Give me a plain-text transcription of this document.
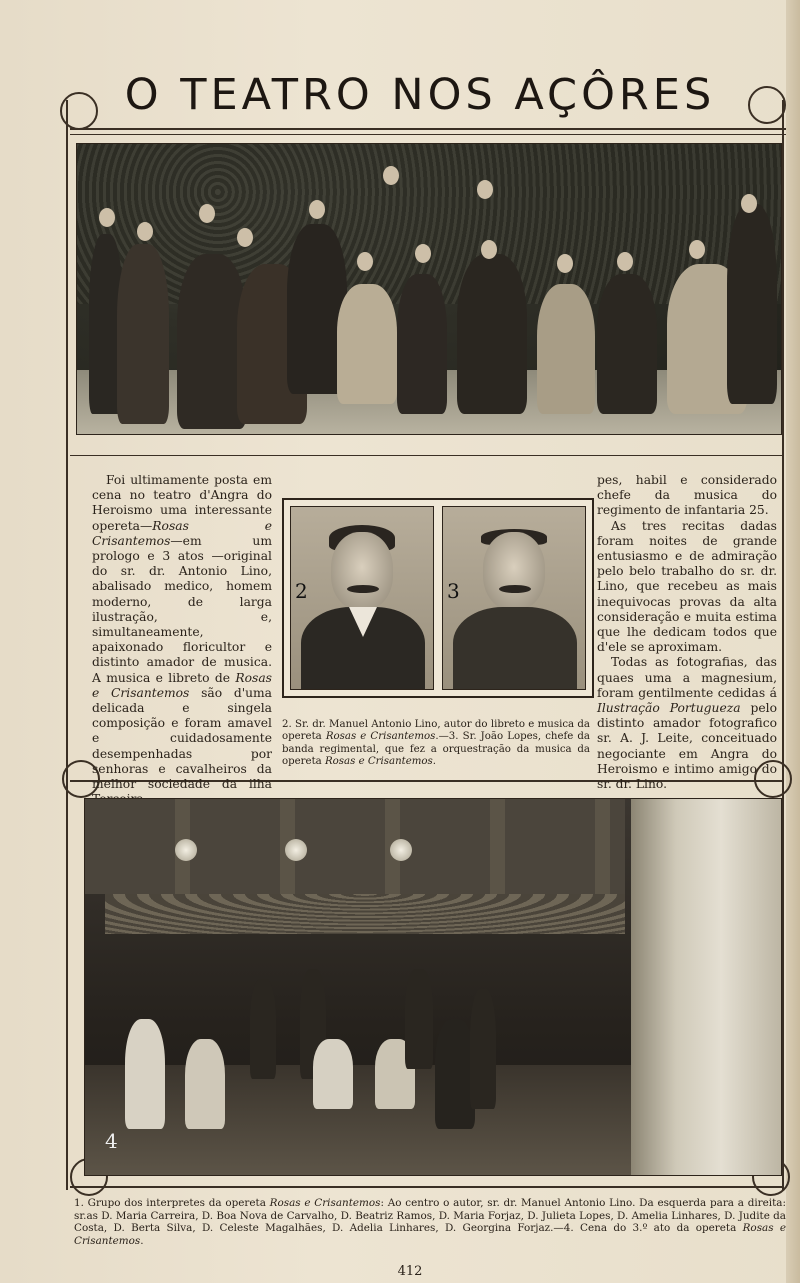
O TEATRO NOS AÇÔRES

Foi ultimamente posta em cena no teatro d'Angra do Heroismo uma interessante opereta—Rosas e Crisantemos—em um prologo e 3 atos —original do sr. dr. Antonio Lino, abalisado medico, homem moderno, de larga ilustração, e, simultaneamente, apaixonado floricultor e distinto amador de musica. A musica e libreto de Rosas e Crisantemos são d'uma delicada e singela composição e foram amavel e cuidadosamente desempenhadas por senhoras e cavalheiros da melhor sociedade da ilha

2	3
2. Sr. dr. Manuel Antonio Lino, autor do libreto e musica da opereta Rosas e Crisantemos.—3. Sr. João Lopes, chefe da banda regimental, que fez a orquestração da musica da opereta Rosas e Crisantemos.

pes, habil e considerado chefe da musica do regimento de infantaria 25.

As tres recitas dadas foram noites de grande entusiasmo e de admiração pelo belo trabalho do sr. dr. Lino, que recebeu as mais inequivocas provas da alta consideração e muita estima que lhe dedicam todos que d'ele se aproximam.

Todas as fotografias, das quaes uma a magnesium, foram gentilmente cedidas á Ilustração Portugueza pelo distinto amador fotografico sr. A. J. Leite, conceituado negociante em Angra do Heroismo e intimo amigo do sr. dr. Lino.

4
1. Grupo dos interpretes da opereta Rosas e Crisantemos: Ao centro o autor, sr. dr. Manuel Antonio Lino. Da esquerda para a direita: sr.as D. Maria Carreira, D. Boa Nova de Carvalho, D. Beatriz Ramos, D. Maria Forjaz, D. Julieta Lopes, D. Amelia Linhares, D. Judite da Costa, D. Berta Silva, D. Celeste Magalhães, D. Adelia Linhares, D. Georgina Forjaz.—4. Cena do 3.º ato da opereta Rosas e Crisantemos.
412
